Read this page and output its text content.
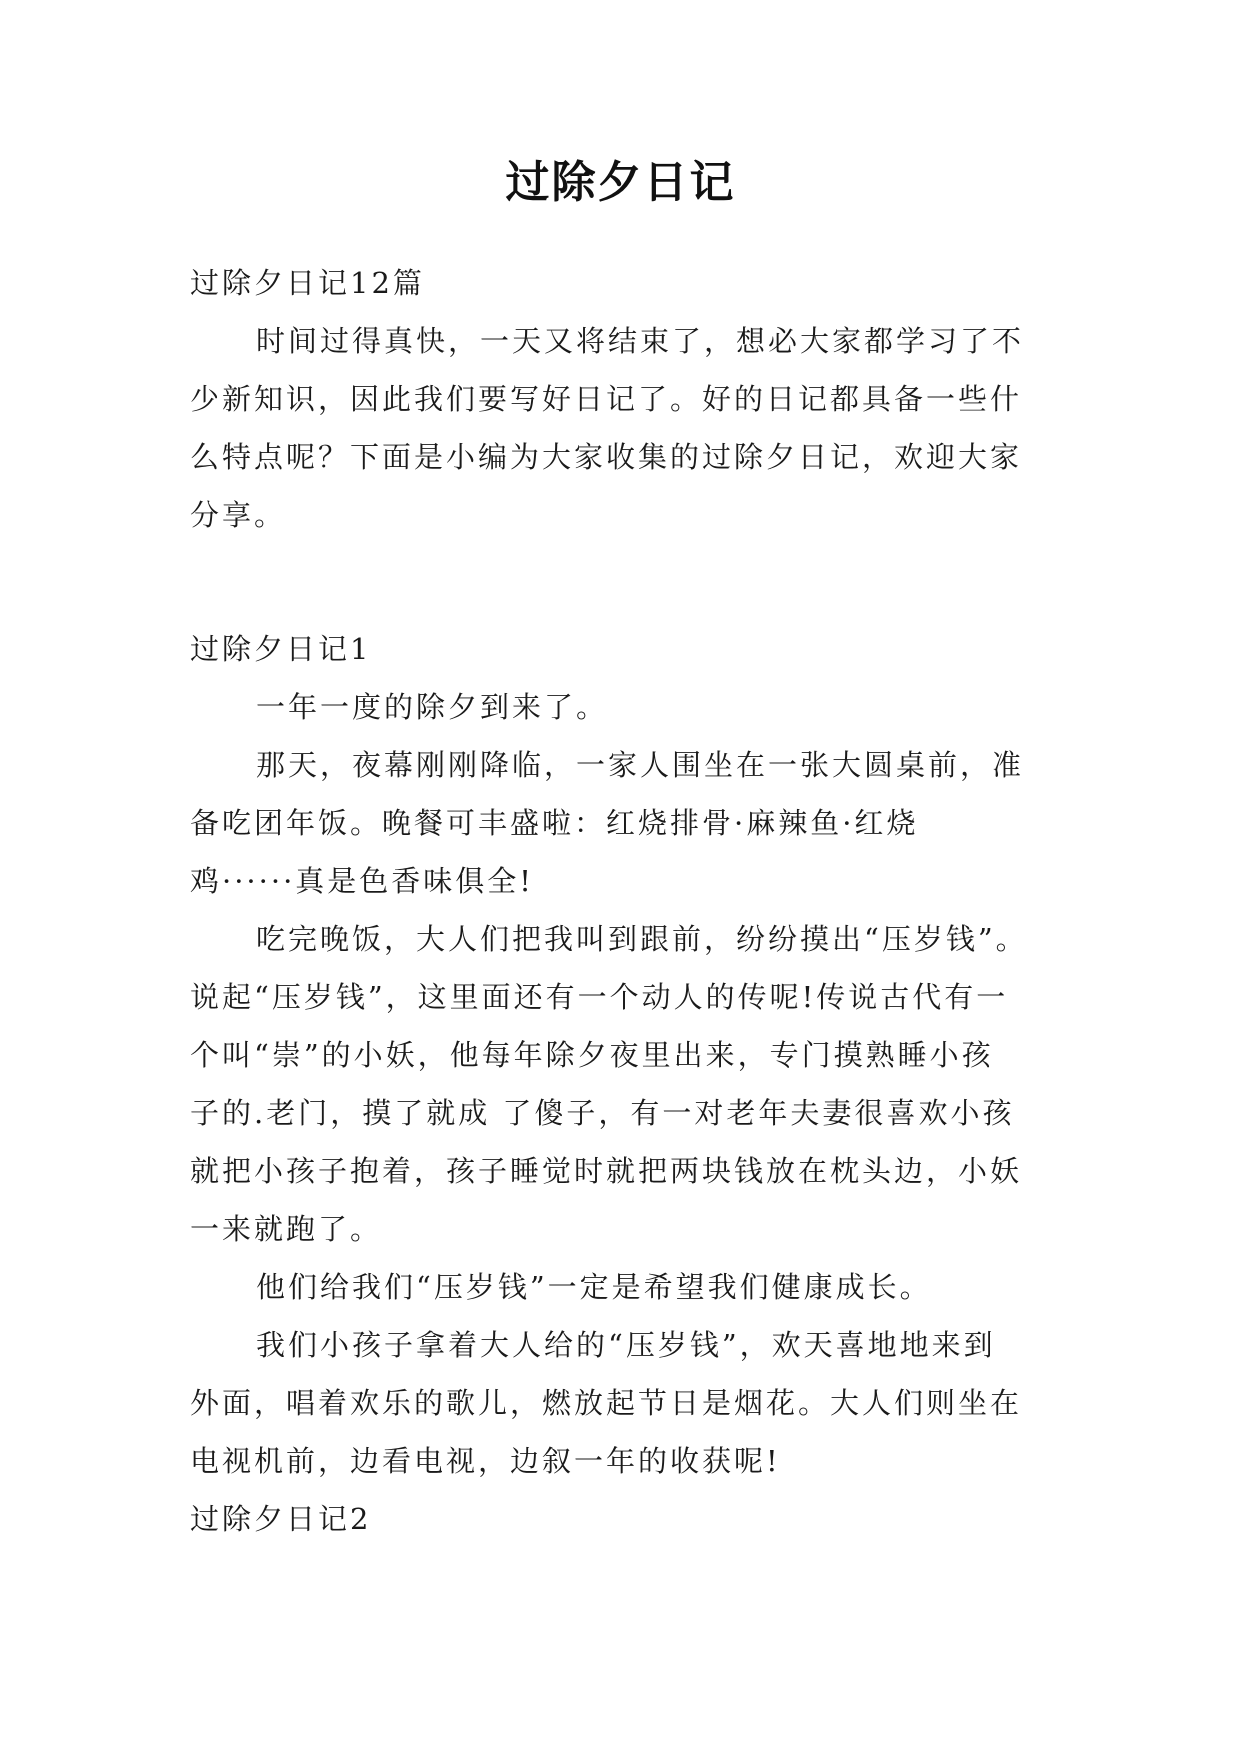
过除夕日记
过除夕日记12篇
时间过得真快，一天又将结束了，想必大家都学习了不
少新知识，因此我们要写好日记了。好的日记都具备一些什
么特点呢？下面是小编为大家收集的过除夕日记，欢迎大家
分享。
过除夕日记1
一年一度的除夕到来了。
那天，夜幕刚刚降临，一家人围坐在一张大圆桌前，准
备吃团年饭。晚餐可丰盛啦：红烧排骨·麻辣鱼·红烧
鸡······真是色香味俱全!
吃完晚饭，大人们把我叫到跟前，纷纷摸出“压岁钱”。
说起“压岁钱”，这里面还有一个动人的传呢!传说古代有一
个叫“崇”的小妖，他每年除夕夜里出来，专门摸熟睡小孩
子的.老门，摸了就成 了傻子，有一对老年夫妻很喜欢小孩
就把小孩子抱着，孩子睡觉时就把两块钱放在枕头边，小妖
一来就跑了。
他们给我们“压岁钱”一定是希望我们健康成长。
我们小孩子拿着大人给的“压岁钱”，欢天喜地地来到
外面，唱着欢乐的歌儿，燃放起节日是烟花。大人们则坐在
电视机前，边看电视，边叙一年的收获呢!
过除夕日记2
